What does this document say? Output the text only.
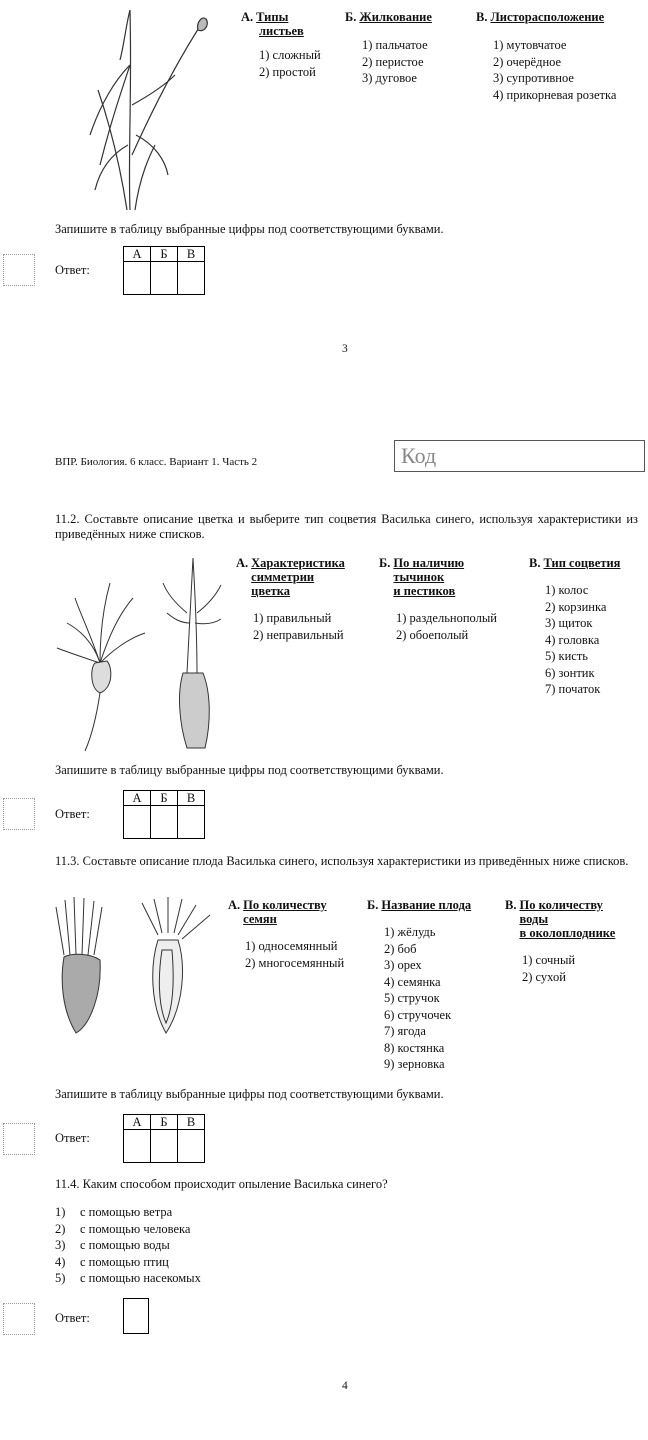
А. Типы
листьев
1) сложный
2) простой
Б. Жилкование
1) пальчатое
2) перистое
3) дуговое
В. Листорасположение
1) мутовчатое
2) очерёдное
3) супротивное
4) прикорневая розетка
Запишите в таблицу выбранные цифры под соответствующими буквами.
Ответ:
А	Б	В

3
ВПР. Биология. 6 класс. Вариант 1. Часть 2	Код
11.2. Составьте описание цветка и выберите тип соцветия Василька синего, используя характеристики из приведённых ниже списков.
А. Характеристика
симметрии
цветка
1) правильный
2) неправильный
Б. По наличию
тычинок
и пестиков
1) раздельнополый
2) обоеполый
В. Тип соцветия
1) колос
2) корзинка
3) щиток
4) головка
5) кисть
6) зонтик
7) початок
Запишите в таблицу выбранные цифры под соответствующими буквами.
Ответ:
А	Б	В

11.3. Составьте описание плода Василька синего, используя характеристики из приведённых ниже списков.
А. По количеству
семян
1) односемянный
2) многосемянный
Б. Название плода
1) жёлудь
2) боб
3) орех
4) семянка
5) стручок
6) стручочек
7) ягода
8) костянка
9) зерновка
В. По количеству
воды
в околоплоднике
1) сочный
2) сухой
Запишите в таблицу выбранные цифры под соответствующими буквами.
Ответ:
А	Б	В

11.4. Каким способом происходит опыление Василька синего?
1) с помощью ветра
2) с помощью человека
3) с помощью воды
4) с помощью птиц
5) с помощью насекомых
Ответ:
4
